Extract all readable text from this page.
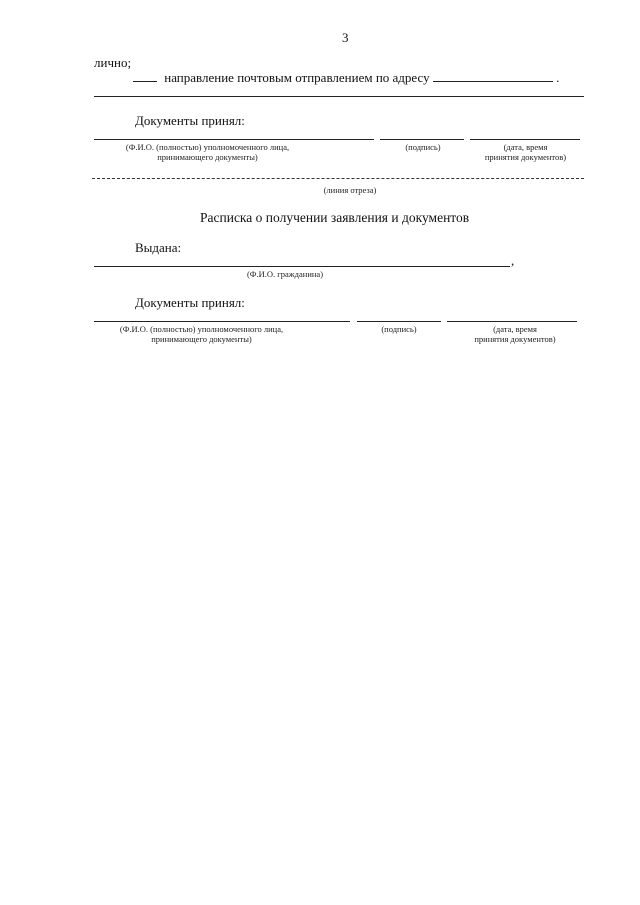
3
лично;
направление почтовым отправлением по адресу	.
Документы принял:
(Ф.И.О. (полностью) уполномоченного лица,
принимающего документы)
(подпись)	(дата, время
принятия документов)
(линия отреза)
Расписка о получении заявления и документов
Выдана:
,
(Ф.И.О. гражданина)
Документы принял:
(Ф.И.О. (полностью) уполномоченного лица,
принимающего документы)
(подпись)	(дата, время
принятия документов)
